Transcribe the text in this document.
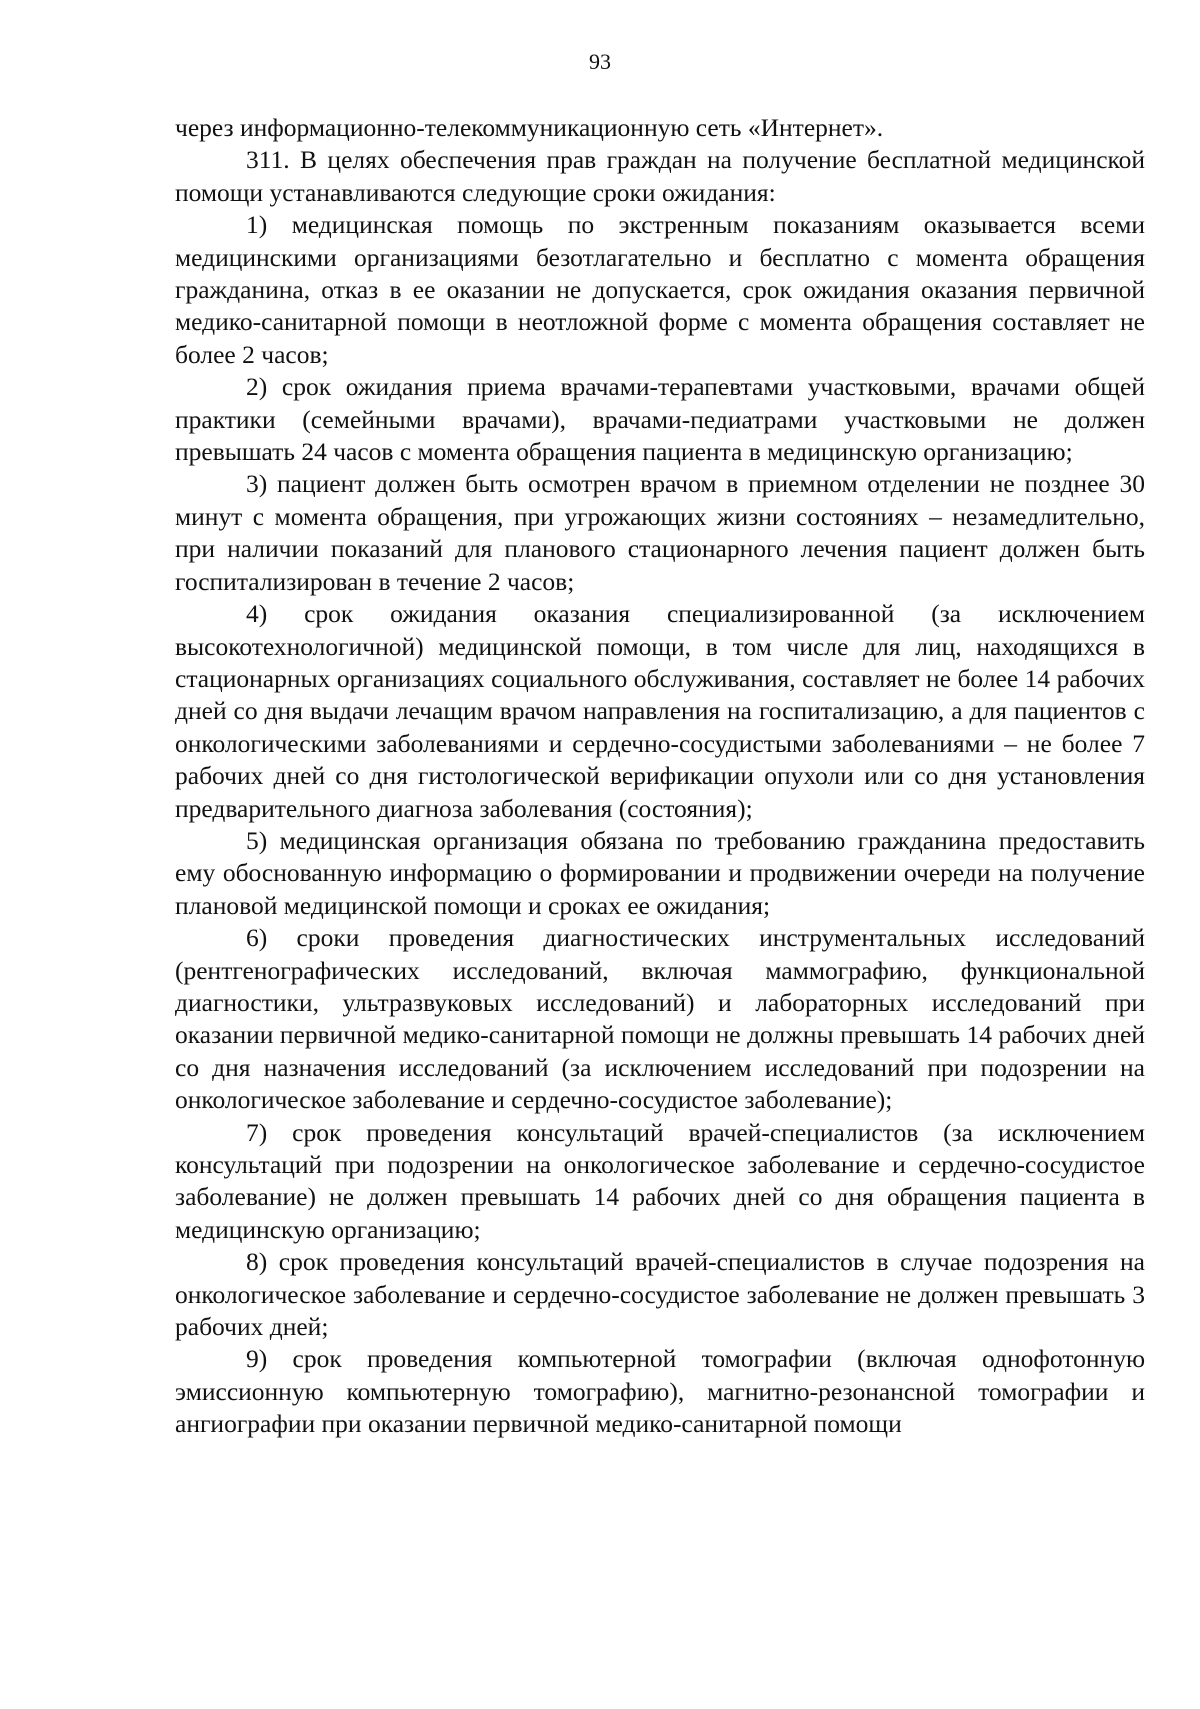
93

через информационно-телекоммуникационную сеть «Интернет».

311. В целях обеспечения прав граждан на получение бесплатной медицинской помощи устанавливаются следующие сроки ожидания:

1) медицинская помощь по экстренным показаниям оказывается всеми медицинскими организациями безотлагательно и бесплатно с момента обращения гражданина, отказ в ее оказании не допускается, срок ожидания оказания первичной медико-санитарной помощи в неотложной форме с момента обращения составляет не более 2 часов;

2) срок ожидания приема врачами-терапевтами участковыми, врачами общей практики (семейными врачами), врачами-педиатрами участковыми не должен превышать 24 часов с момента обращения пациента в медицинскую организацию;

3) пациент должен быть осмотрен врачом в приемном отделении не позднее 30 минут с момента обращения, при угрожающих жизни состояниях – незамедлительно, при наличии показаний для планового стационарного лечения пациент должен быть госпитализирован в течение 2 часов;

4) срок ожидания оказания специализированной (за исключением высокотехнологичной) медицинской помощи, в том числе для лиц, находящихся в стационарных организациях социального обслуживания, составляет не более 14 рабочих дней со дня выдачи лечащим врачом направления на госпитализацию, а для пациентов с онкологическими заболеваниями и сердечно-сосудистыми заболеваниями – не более 7 рабочих дней со дня гистологической верификации опухоли или со дня установления предварительного диагноза заболевания (состояния);

5) медицинская организация обязана по требованию гражданина предоставить ему обоснованную информацию о формировании и продвижении очереди на получение плановой медицинской помощи и сроках ее ожидания;

6) сроки проведения диагностических инструментальных исследований (рентгенографических исследований, включая маммографию, функциональной диагностики, ультразвуковых исследований) и лабораторных исследований при оказании первичной медико-санитарной помощи не должны превышать 14 рабочих дней со дня назначения исследований (за исключением исследований при подозрении на онкологическое заболевание и сердечно-сосудистое заболевание);

7) срок проведения консультаций врачей-специалистов (за исключением консультаций при подозрении на онкологическое заболевание и сердечно-сосудистое заболевание) не должен превышать 14 рабочих дней со дня обращения пациента в медицинскую организацию;

8) срок проведения консультаций врачей-специалистов в случае подозрения на онкологическое заболевание и сердечно-сосудистое заболевание не должен превышать 3 рабочих дней;

9) срок проведения компьютерной томографии (включая однофотонную эмиссионную компьютерную томографию), магнитно-резонансной томографии и ангиографии при оказании первичной медико-санитарной помощи
